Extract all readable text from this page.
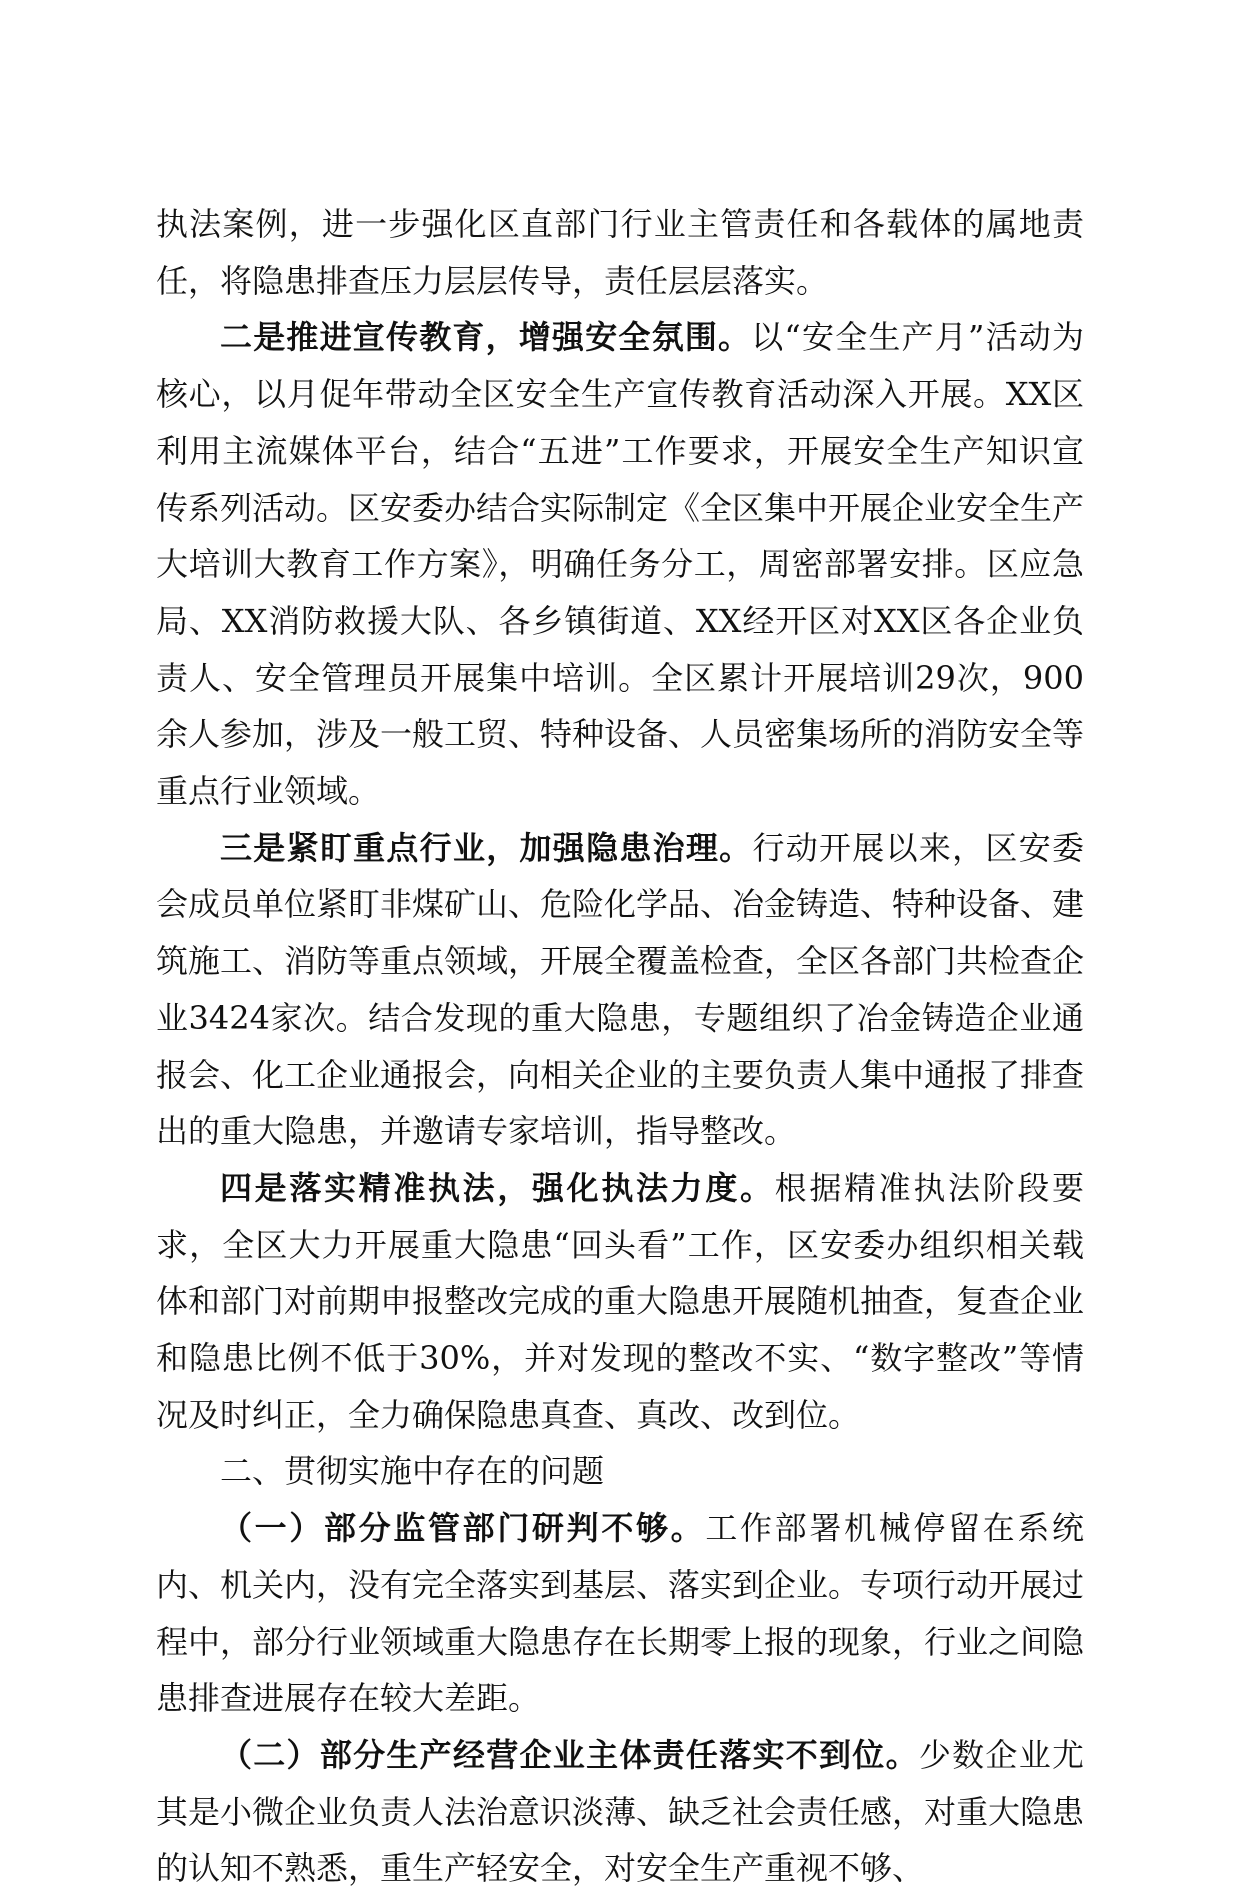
执法案例，进一步强化区直部门行业主管责任和各载体的属地责任，将隐患排查压力层层传导，责任层层落实。

二是推进宣传教育，增强安全氛围。以“安全生产月”活动为核心，以月促年带动全区安全生产宣传教育活动深入开展。XX区利用主流媒体平台，结合“五进”工作要求，开展安全生产知识宣传系列活动。区安委办结合实际制定《全区集中开展企业安全生产大培训大教育工作方案》，明确任务分工，周密部署安排。区应急局、XX消防救援大队、各乡镇街道、XX经开区对XX区各企业负责人、安全管理员开展集中培训。全区累计开展培训29次，900余人参加，涉及一般工贸、特种设备、人员密集场所的消防安全等重点行业领域。

三是紧盯重点行业，加强隐患治理。行动开展以来，区安委会成员单位紧盯非煤矿山、危险化学品、冶金铸造、特种设备、建筑施工、消防等重点领域，开展全覆盖检查，全区各部门共检查企业3424家次。结合发现的重大隐患，专题组织了冶金铸造企业通报会、化工企业通报会，向相关企业的主要负责人集中通报了排查出的重大隐患，并邀请专家培训，指导整改。

四是落实精准执法，强化执法力度。根据精准执法阶段要求，全区大力开展重大隐患“回头看”工作，区安委办组织相关载体和部门对前期申报整改完成的重大隐患开展随机抽查，复查企业和隐患比例不低于30%，并对发现的整改不实、“数字整改”等情况及时纠正，全力确保隐患真查、真改、改到位。

二、贯彻实施中存在的问题

（一）部分监管部门研判不够。工作部署机械停留在系统内、机关内，没有完全落实到基层、落实到企业。专项行动开展过程中，部分行业领域重大隐患存在长期零上报的现象，行业之间隐患排查进展存在较大差距。

（二）部分生产经营企业主体责任落实不到位。少数企业尤其是小微企业负责人法治意识淡薄、缺乏社会责任感，对重大隐患的认知不熟悉，重生产轻安全，对安全生产重视不够、
